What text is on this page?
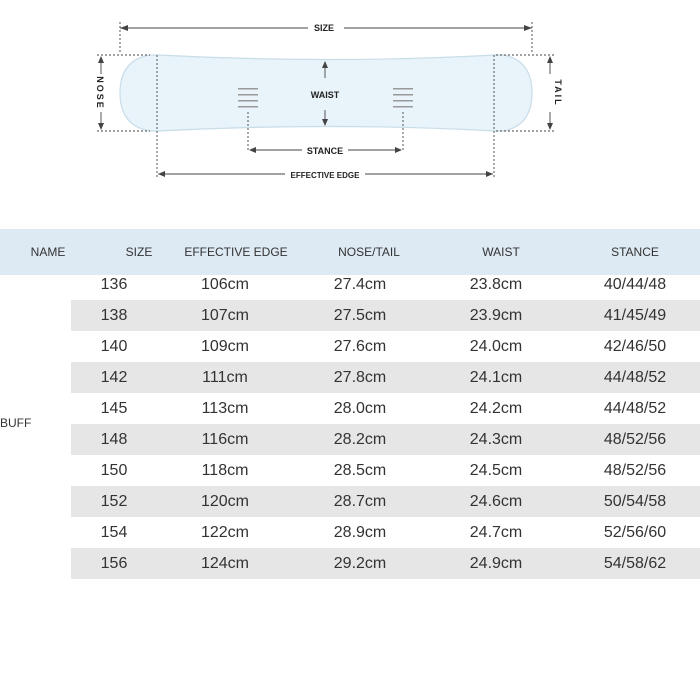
SIZE
NOSE	TAIL
WAIST
STANCE
EFFECTIVE EDGE
NAME	SIZE	EFFECTIVE EDGE	NOSE/TAIL	WAIST	STANCE
BUFF
136	106cm	27.4cm	23.8cm	40/44/48
138	107cm	27.5cm	23.9cm	41/45/49
140	109cm	27.6cm	24.0cm	42/46/50
142	111cm	27.8cm	24.1cm	44/48/52
145	113cm	28.0cm	24.2cm	44/48/52
148	116cm	28.2cm	24.3cm	48/52/56
150	118cm	28.5cm	24.5cm	48/52/56
152	120cm	28.7cm	24.6cm	50/54/58
154	122cm	28.9cm	24.7cm	52/56/60
156	124cm	29.2cm	24.9cm	54/58/62
